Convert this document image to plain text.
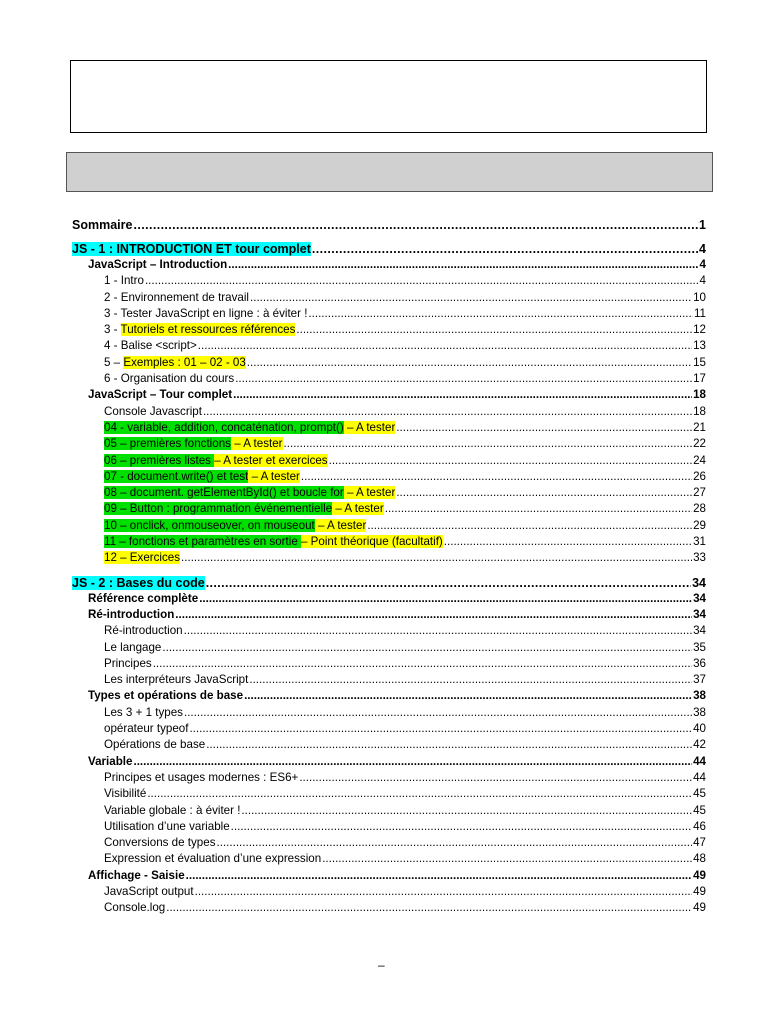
Sommaire .....	1
JS - 1 : INTRODUCTION ET tour complet .....	4
JavaScript – Introduction .....	4
1 - Intro .....	4
2 - Environnement de travail .....	10
3 - Tester JavaScript en ligne : à éviter ! .....	11
3 - Tutoriels et ressources références .....	12
4 - Balise <script> .....	13
5 – Exemples : 01 – 02 - 03 .....	15
6 - Organisation du cours .....	17
JavaScript – Tour complet .....	18
Console Javascript .....	18
04 - variable, addition, concaténation, prompt() – A tester .....	21
05 – premières fonctions – A tester .....	22
06 – premières listes – A tester et exercices .....	24
07 - document.write() et test – A tester .....	26
08 – document. getElementById() et boucle for – A tester .....	27
09 – Button : programmation événementielle – A tester .....	28
10 – onclick, onmouseover, on mouseout – A tester .....	29
11 – fonctions et paramètres en sortie – Point théorique (facultatif) .....	31
12 – Exercices .....	33
JS - 2 : Bases du code .....	34
Référence complète .....	34
Ré-introduction .....	34
Ré-introduction .....	34
Le langage .....	35
Principes .....	36
Les interpréteurs JavaScript .....	37
Types et opérations de base .....	38
Les 3 + 1 types .....	38
opérateur typeof .....	40
Opérations de base .....	42
Variable .....	44
Principes et usages modernes : ES6+ .....	44
Visibilité .....	45
Variable globale : à éviter ! .....	45
Utilisation d’une variable .....	46
Conversions de types .....	47
Expression et évaluation d’une expression .....	48
Affichage - Saisie .....	49
JavaScript output .....	49
Console.log .....	49
–
